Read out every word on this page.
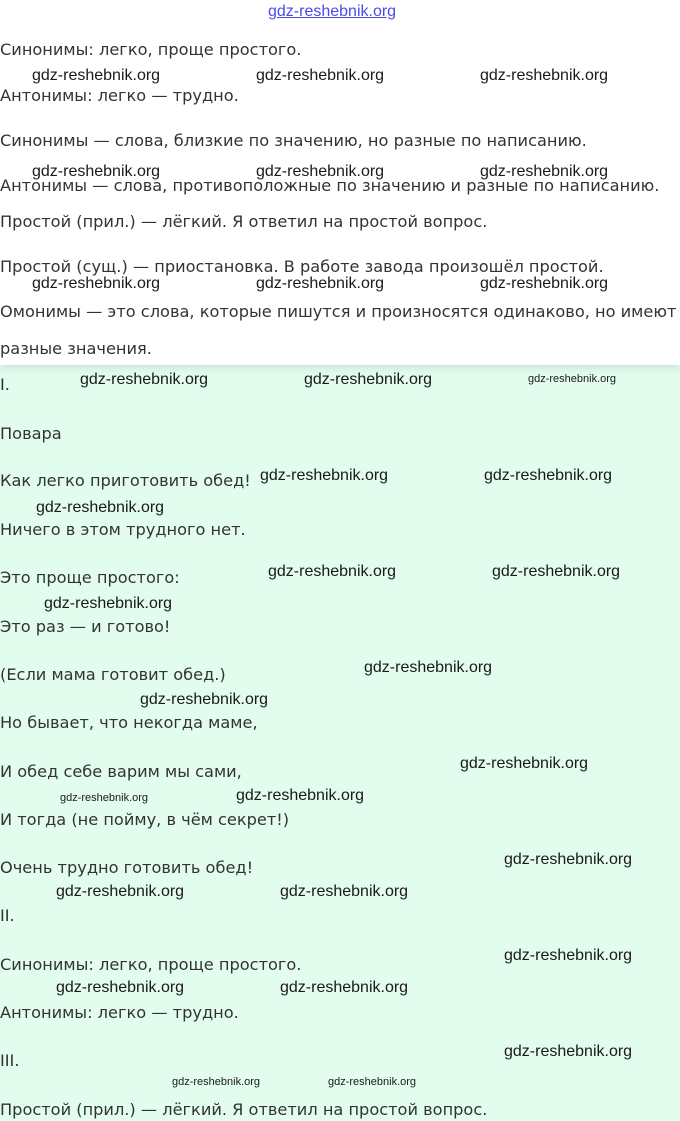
Синонимы: легко, проще простого.
Антонимы: легко — трудно.
Синонимы — слова, близкие по значению, но разные по написанию.
Антонимы — слова, противоположные по значению и разные по написанию.
Простой (прил.) — лёгкий. Я ответил на простой вопрос.
Простой (сущ.) — приостановка. В работе завода произошёл простой.
Омонимы — это слова, которые пишутся и произносятся одинаково, но имеют
разные значения.
I.
Повара
Как легко приготовить обед!
Ничего в этом трудного нет.
Это проще простого:
Это раз — и готово!
(Если мама готовит обед.)
Но бывает, что некогда маме,
И обед себе варим мы сами,
И тогда (не пойму, в чём секрет!)
Очень трудно готовить обед!
II.
Синонимы: легко, проще простого.
Антонимы: легко — трудно.
III.
Простой (прил.) — лёгкий. Я ответил на простой вопрос.
gdz-reshebnik.org
gdz-reshebnik.org	gdz-reshebnik.org	gdz-reshebnik.org
gdz-reshebnik.org	gdz-reshebnik.org	gdz-reshebnik.org
gdz-reshebnik.org	gdz-reshebnik.org	gdz-reshebnik.org
gdz-reshebnik.org	gdz-reshebnik.org	gdz-reshebnik.org
gdz-reshebnik.org	gdz-reshebnik.org
gdz-reshebnik.org
gdz-reshebnik.org	gdz-reshebnik.org
gdz-reshebnik.org
gdz-reshebnik.org
gdz-reshebnik.org
gdz-reshebnik.org
gdz-reshebnik.org	gdz-reshebnik.org
gdz-reshebnik.org
gdz-reshebnik.org	gdz-reshebnik.org
gdz-reshebnik.org
gdz-reshebnik.org	gdz-reshebnik.org
gdz-reshebnik.org
gdz-reshebnik.org	gdz-reshebnik.org
